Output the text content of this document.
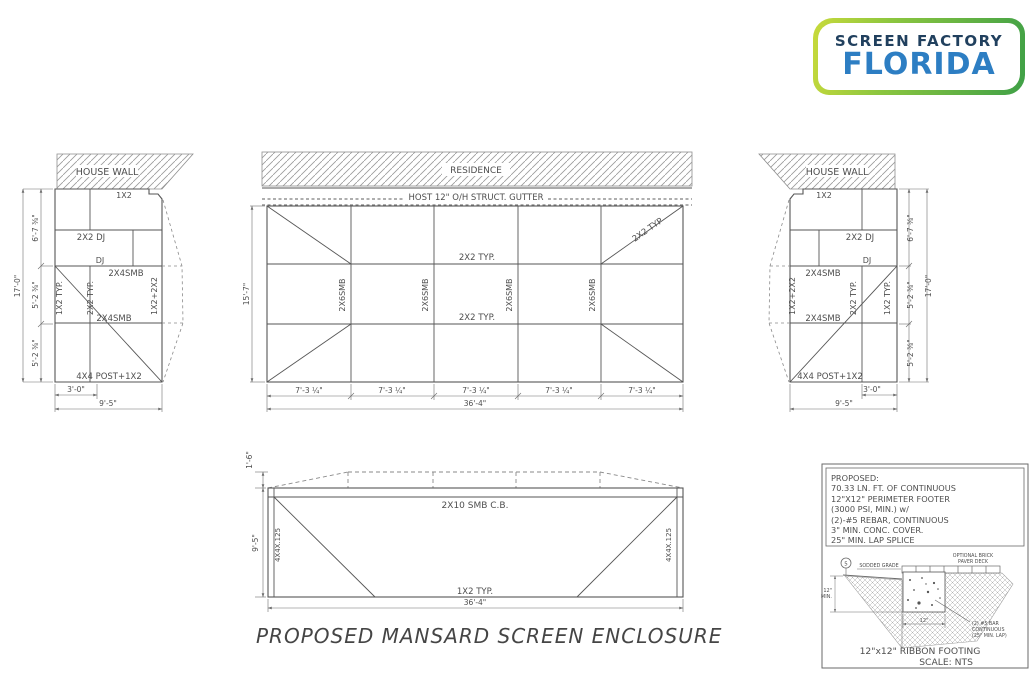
HOUSE WALL
1X2
2X2 DJ
DJ
2X4SMB
2X4SMB
1X2 TYP.	2X2 TYP.	1X2+2X2
4X4 POST+1X2
3'-0"
9'-5"
6'-7 ⅜"
5'-2 ⅜"
5'-2 ⅜"
17'-0"
RESIDENCE
HOST 12" O/H STRUCT. GUTTER
2X2 TYP.
2X2 TYP.
2X2 TYP
2X6SMB	2X6SMB	2X6SMB	2X6SMB
15'-7"
7'-3 ¼"	7'-3 ¼"	7'-3 ¼"	7'-3 ¼"	7'-3 ¼"
36'-4"
HOUSE WALL
1X2
2X2 DJ
DJ
2X4SMB
2X4SMB
1X2 TYP.
2X2 TYP.
1X2+2X2
4X4 POST+1X2
3'-0"
9'-5"
6'-7 ⅜"
5'-2 ⅜"
5'-2 ⅜"
17'-0"
2X10 SMB C.B.
1X2 TYP.
4X4X.125	4X4X.125
1'-6"
9'-5"
36'-4"
PROPOSED:
70.33 LN. FT. OF CONTINUOUS
12"X12" PERIMETER FOOTER
(3000 PSI, MIN.) w/
(2)-#5 REBAR, CONTINUOUS
3" MIN. CONC. COVER.
25" MIN. LAP SPLICE
5 SODDED GRADE
OPTIONAL BRICK
PAVER DECK
12"
MIN.
12"
(2) #5 BAR
CONTINUOUS
(25" MIN. LAP)
12"x12" RIBBON FOOTING
SCALE: NTS
SCREEN FACTORY
FLORIDA
PROPOSED MANSARD SCREEN ENCLOSURE
